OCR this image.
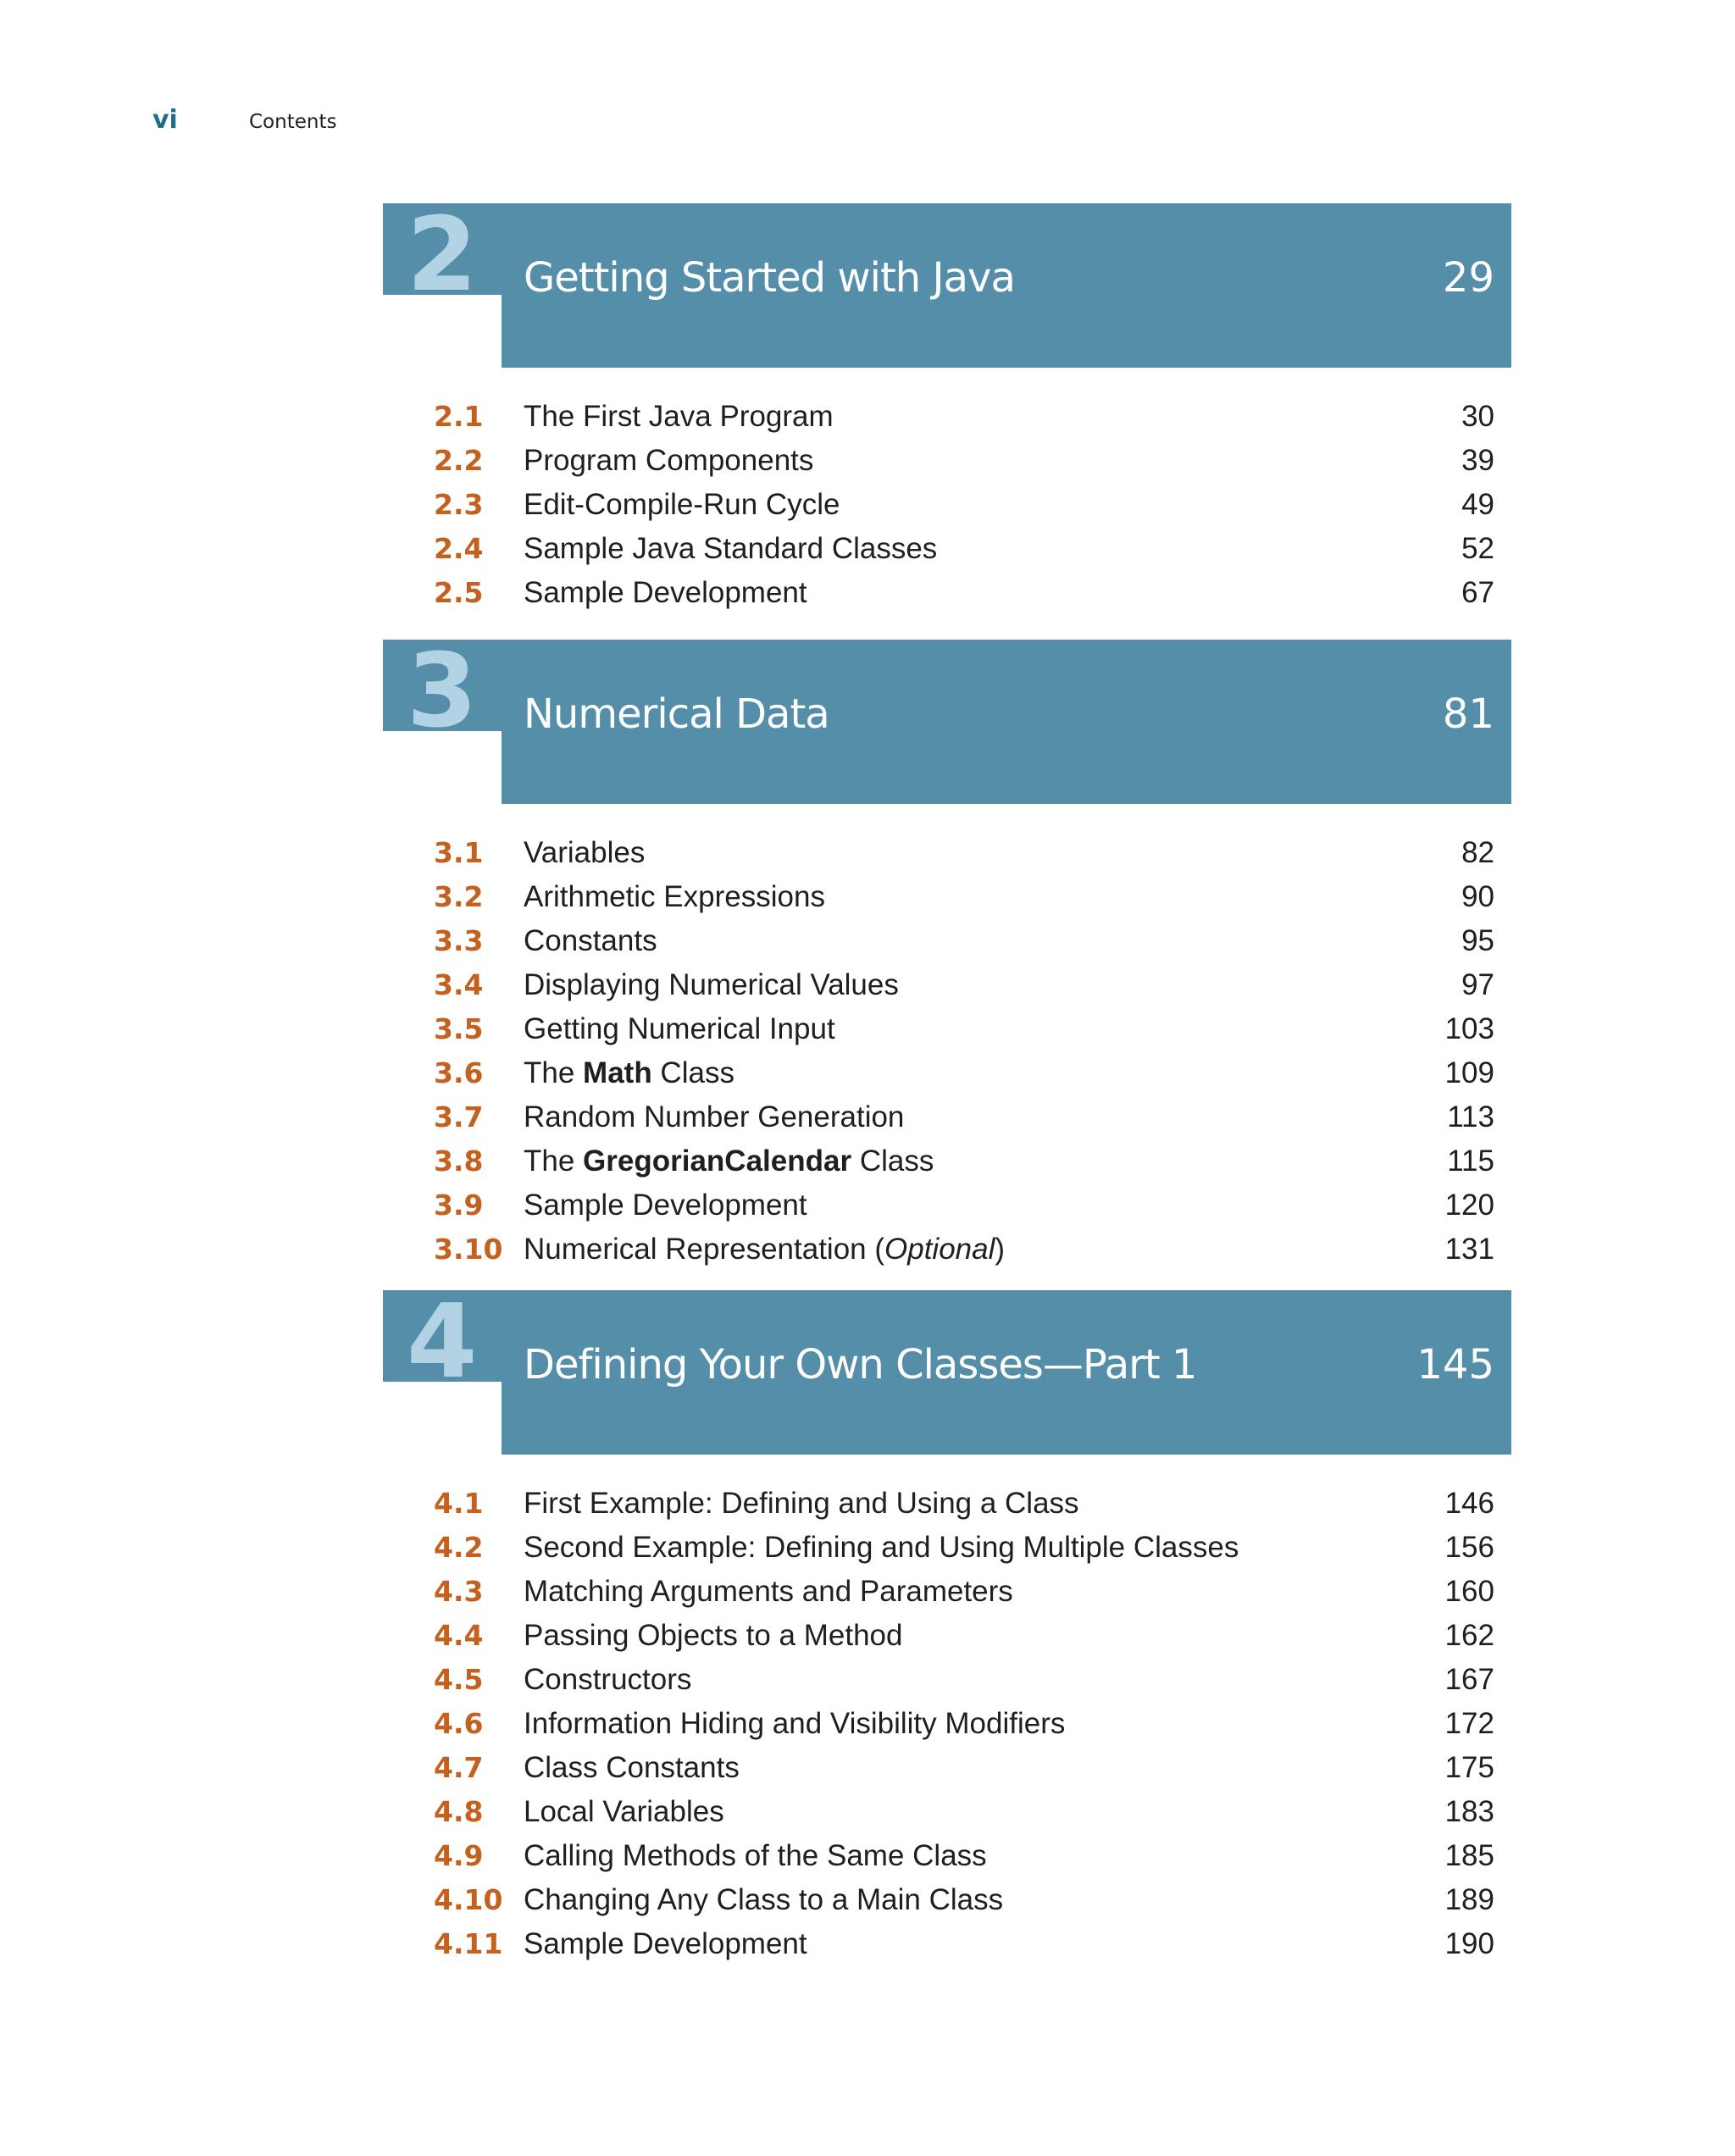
vi	Contents
2 Getting Started with Java	29
2.1 The First Java Program	30
2.2 Program Components	39
2.3 Edit-Compile-Run Cycle	49
2.4 Sample Java Standard Classes	52
2.5 Sample Development	67
3 Numerical Data	81
3.1 Variables	82
3.2 Arithmetic Expressions	90
3.3 Constants	95
3.4 Displaying Numerical Values	97
3.5 Getting Numerical Input	103
3.6 The Math Class	109
3.7 Random Number Generation	113
3.8 The GregorianCalendar Class	115
3.9 Sample Development	120
3.10 Numerical Representation (Optional)	131
4 Defining Your Own Classes—Part 1	145
4.1 First Example: Defining and Using a Class	146
4.2 Second Example: Defining and Using Multiple Classes	156
4.3 Matching Arguments and Parameters	160
4.4 Passing Objects to a Method	162
4.5 Constructors	167
4.6 Information Hiding and Visibility Modifiers	172
4.7 Class Constants	175
4.8 Local Variables	183
4.9 Calling Methods of the Same Class	185
4.10 Changing Any Class to a Main Class	189
4.11 Sample Development	190
